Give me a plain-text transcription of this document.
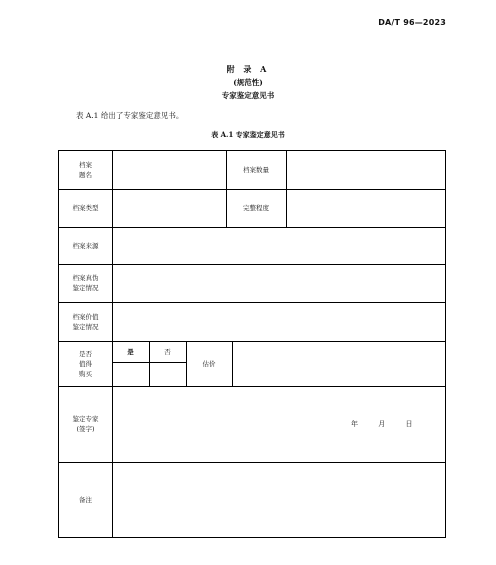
DA/T 96—2023
附 录 A
(规范性)
专家鉴定意见书
表 A.1 给出了专家鉴定意见书。
表 A.1 专家鉴定意见书
档案
题名
档案数量
档案类型	完整程度
档案来源
档案真伪
鉴定情况
档案价值
鉴定情况
是否
值得
购买
是	否
估价
鉴定专家
(签字)
年 月 日
备注
